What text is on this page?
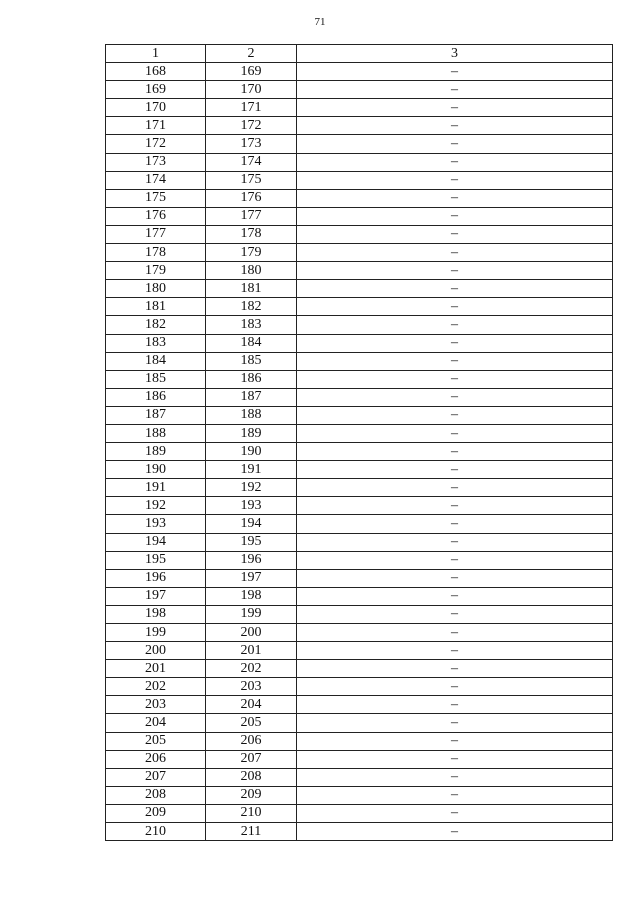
71
1	2	3
168	169	–
169	170	–
170	171	–
171	172	–
172	173	–
173	174	–
174	175	–
175	176	–
176	177	–
177	178	–
178	179	–
179	180	–
180	181	–
181	182	–
182	183	–
183	184	–
184	185	–
185	186	–
186	187	–
187	188	–
188	189	–
189	190	–
190	191	–
191	192	–
192	193	–
193	194	–
194	195	–
195	196	–
196	197	–
197	198	–
198	199	–
199	200	–
200	201	–
201	202	–
202	203	–
203	204	–
204	205	–
205	206	–
206	207	–
207	208	–
208	209	–
209	210	–
210	211	–
